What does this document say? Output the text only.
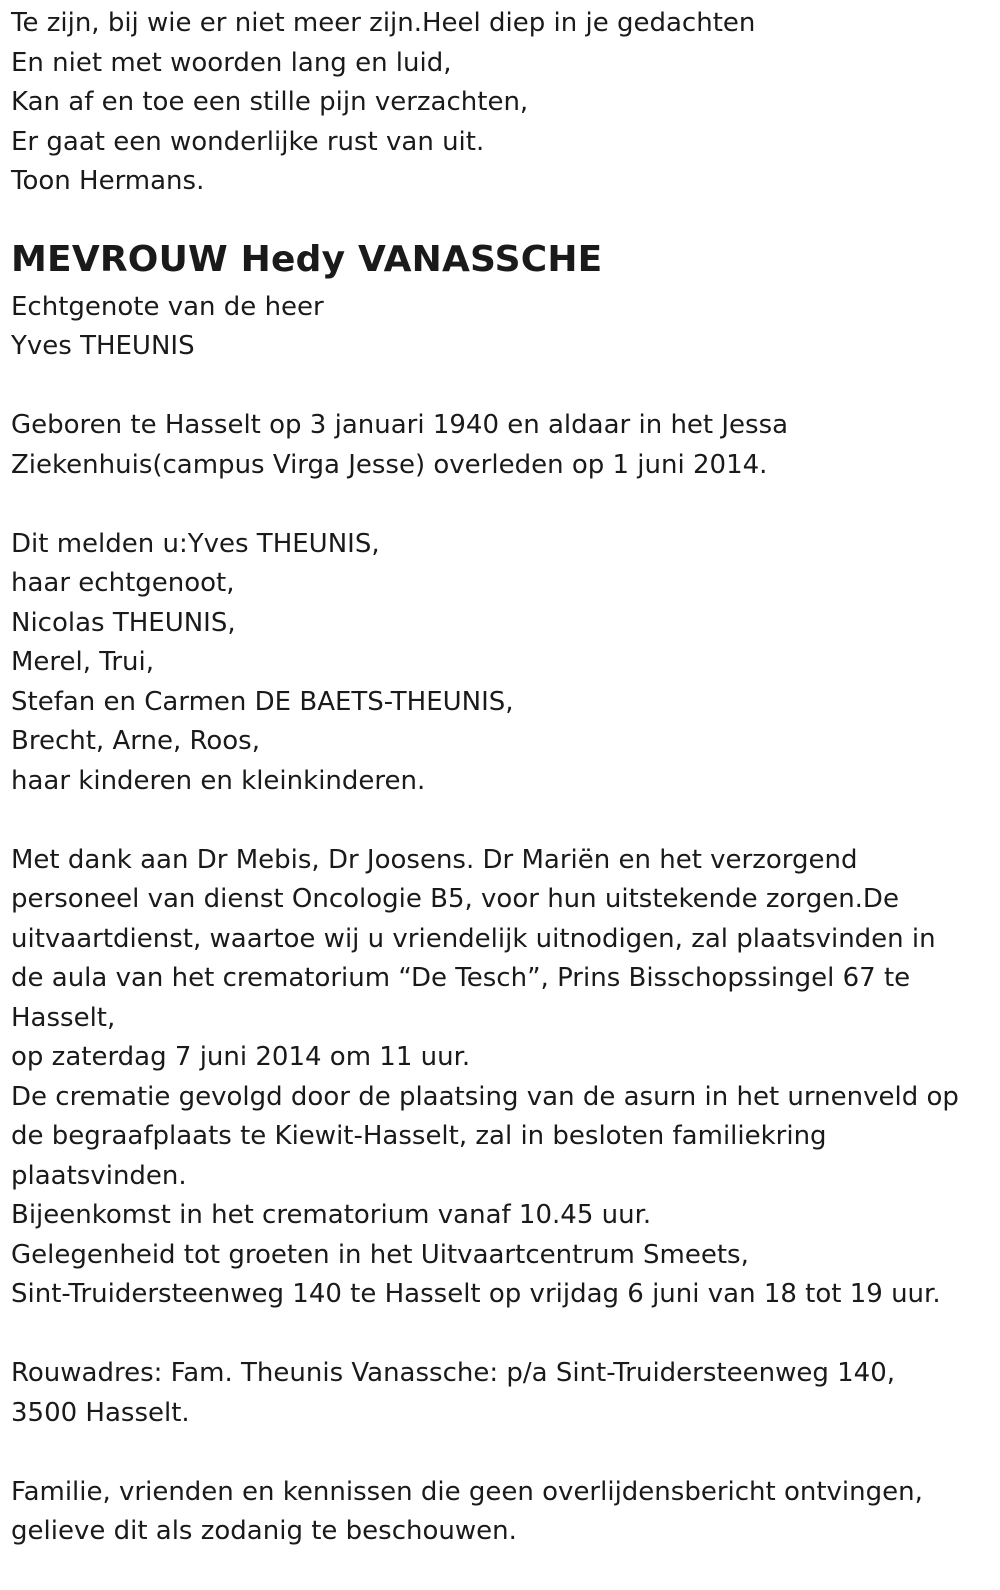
Te zijn, bij wie er niet meer zijn.Heel diep in je gedachten
En niet met woorden lang en luid,
Kan af en toe een stille pijn verzachten,
Er gaat een wonderlijke rust van uit.
Toon Hermans.
MEVROUW Hedy VANASSCHE
Echtgenote van de heer
Yves THEUNIS
Geboren te Hasselt op 3 januari 1940 en aldaar in het Jessa
Ziekenhuis(campus Virga Jesse) overleden op 1 juni 2014.
Dit melden u:Yves THEUNIS,
haar echtgenoot,
Nicolas THEUNIS,
Merel, Trui,
Stefan en Carmen DE BAETS-THEUNIS,
Brecht, Arne, Roos,
haar kinderen en kleinkinderen.
Met dank aan Dr Mebis, Dr Joosens. Dr Mariën en het verzorgend
personeel van dienst Oncologie B5, voor hun uitstekende zorgen.De
uitvaartdienst, waartoe wij u vriendelijk uitnodigen, zal plaatsvinden in
de aula van het crematorium “De Tesch”, Prins Bisschopssingel 67 te
Hasselt,
op zaterdag 7 juni 2014 om 11 uur.
De crematie gevolgd door de plaatsing van de asurn in het urnenveld op
de begraafplaats te Kiewit-Hasselt, zal in besloten familiekring
plaatsvinden.
Bijeenkomst in het crematorium vanaf 10.45 uur.
Gelegenheid tot groeten in het Uitvaartcentrum Smeets,
Sint-Truidersteenweg 140 te Hasselt op vrijdag 6 juni van 18 tot 19 uur.
Rouwadres: Fam. Theunis Vanassche: p/a Sint-Truidersteenweg 140,
3500 Hasselt.
Familie, vrienden en kennissen die geen overlijdensbericht ontvingen,
gelieve dit als zodanig te beschouwen.
